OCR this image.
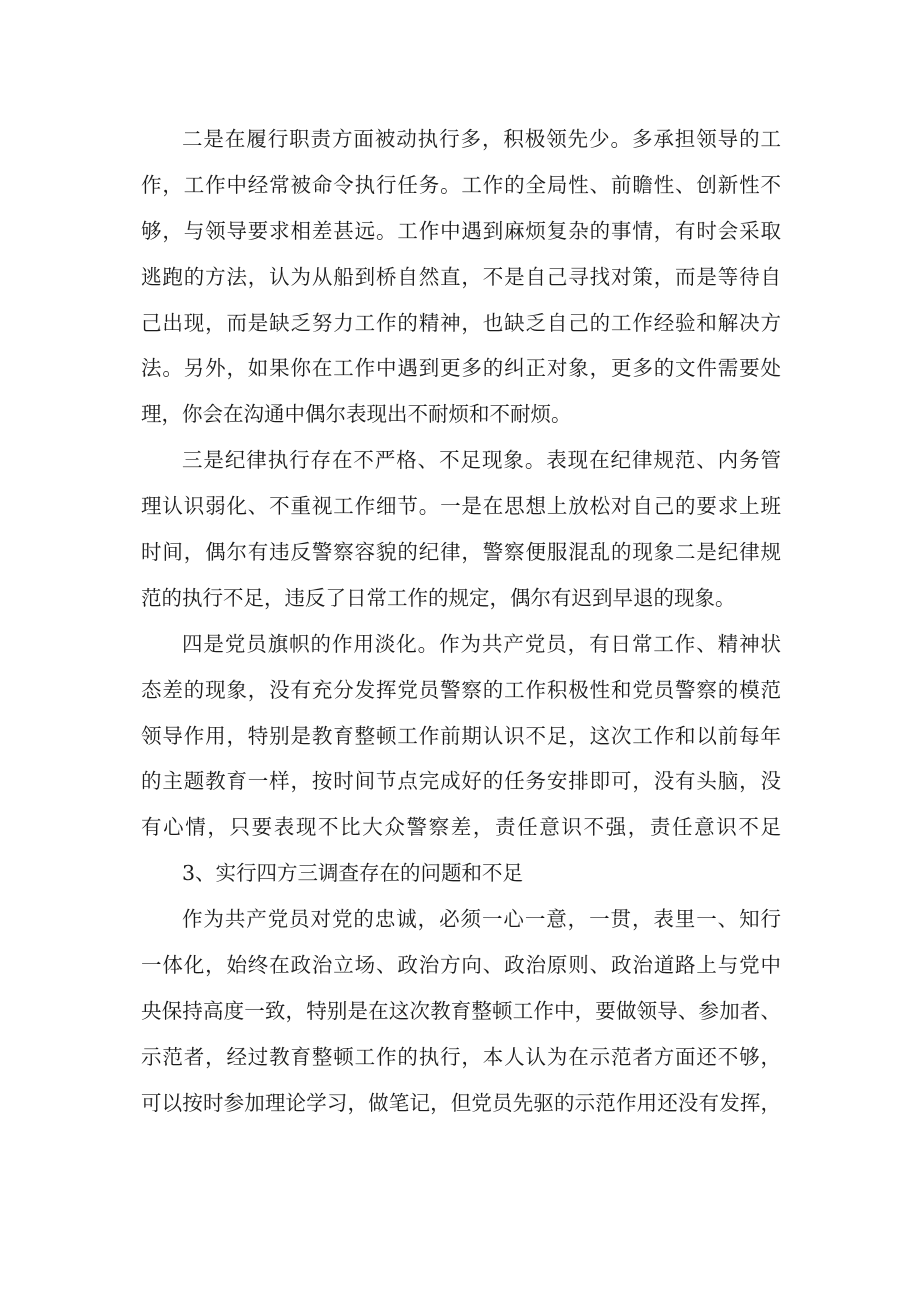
二是在履行职责方面被动执行多，积极领先少。多承担领导的工
作，工作中经常被命令执行任务。工作的全局性、前瞻性、创新性不
够，与领导要求相差甚远。工作中遇到麻烦复杂的事情，有时会采取
逃跑的方法，认为从船到桥自然直，不是自己寻找对策，而是等待自
己出现，而是缺乏努力工作的精神，也缺乏自己的工作经验和解决方
法。另外，如果你在工作中遇到更多的纠正对象，更多的文件需要处
理，你会在沟通中偶尔表现出不耐烦和不耐烦。
三是纪律执行存在不严格、不足现象。表现在纪律规范、内务管
理认识弱化、不重视工作细节。一是在思想上放松对自己的要求上班
时间，偶尔有违反警察容貌的纪律，警察便服混乱的现象二是纪律规
范的执行不足，违反了日常工作的规定，偶尔有迟到早退的现象。
四是党员旗帜的作用淡化。作为共产党员，有日常工作、精神状
态差的现象，没有充分发挥党员警察的工作积极性和党员警察的模范
领导作用，特别是教育整顿工作前期认识不足，这次工作和以前每年
的主题教育一样，按时间节点完成好的任务安排即可，没有头脑，没
有心情，只要表现不比大众警察差，责任意识不强，责任意识不足
3、实行四方三调查存在的问题和不足
作为共产党员对党的忠诚，必须一心一意，一贯，表里一、知行
一体化，始终在政治立场、政治方向、政治原则、政治道路上与党中
央保持高度一致，特别是在这次教育整顿工作中，要做领导、参加者、
示范者，经过教育整顿工作的执行，本人认为在示范者方面还不够，
可以按时参加理论学习，做笔记，但党员先驱的示范作用还没有发挥，
